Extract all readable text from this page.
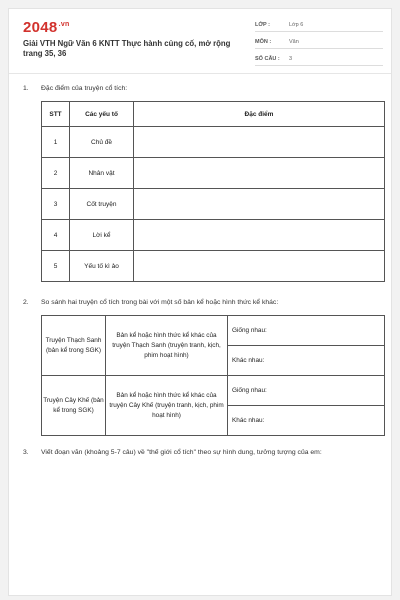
$2048^{.vn}$
Giải VTH Ngữ Văn 6 KNTT Thực hành củng cố, mở rộng trang 35, 36
LỚP :	Lớp 6
MÔN :	Văn
SỐ CÂU : 3
1. Đặc điểm của truyện cổ tích:
STT	Các yếu tố	Đặc điểm
1	Chủ đề	
2	Nhân vật	
3	Cốt truyện	
4	Lời kể	
5	Yếu tố kì ảo	
2. So sánh hai truyện cổ tích trong bài với một số bản kể hoặc hình thức kể khác:
Truyện Thạch Sanh (bản kể trong SGK)	Bản kể hoặc hình thức kể khác của truyện Thạch Sanh (truyện tranh, kịch, phim hoạt hình)	Giống nhau:
		Khác nhau:
Truyện Cây Khế (bản kể trong SGK)	Bản kể hoặc hình thức kể khác của truyện Cây Khế (truyện tranh, kịch, phim hoạt hình)	Giống nhau:
		Khác nhau:
3. Viết đoạn văn (khoảng 5-7 câu) về "thế giới cổ tích" theo sự hình dung, tưởng tượng của em:
